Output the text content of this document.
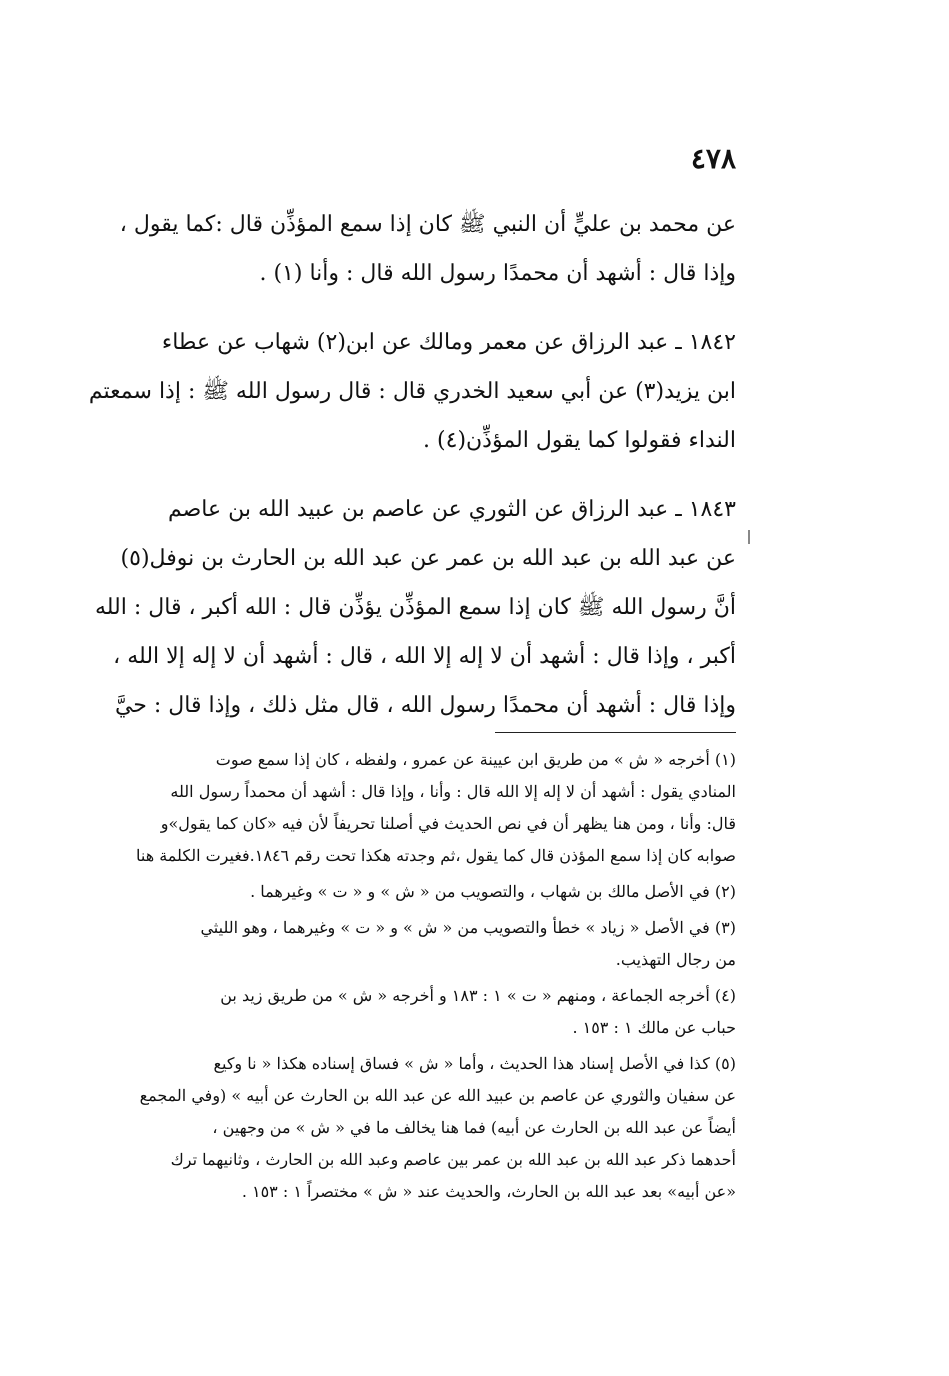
٤٧٨

عن محمد بن عليٍّ أن النبي ﷺ كان إذا سمع المؤذِّن قال :كما يقول ،

وإذا قال : أشهد أن محمدًا رسول الله قال : وأنا (١) .

١٨٤٢ ـ عبد الرزاق عن معمر ومالك عن ابن(٢) شهاب عن عطاء

ابن يزيد(٣) عن أبي سعيد الخدري قال : قال رسول الله ﷺ : إذا سمعتم

النداء فقولوا كما يقول المؤذِّن(٤) .

١٨٤٣ ـ عبد الرزاق عن الثوري عن عاصم بن عبيد الله بن عاصم

عن عبد الله بن عبد الله بن عمر عن عبد الله بن الحارث بن نوفل(٥)

أنَّ رسول الله ﷺ كان إذا سمع المؤذِّن يؤذِّن قال : الله أكبر ، قال : الله

أكبر ، وإذا قال : أشهد أن لا إله إلا الله ، قال : أشهد أن لا إله إلا الله ،

وإذا قال : أشهد أن محمدًا رسول الله ، قال مثل ذلك ، وإذا قال : حيَّ

(١) أخرجه « ش » من طريق ابن عيينة عن عمرو ، ولفظه ، كان إذا سمع صوت

المنادي يقول : أشهد أن لا إله إلا الله قال : وأنا ، وإذا قال : أشهد أن محمداً رسول الله

قال: وأنا ، ومن هنا يظهر أن في نص الحديث في أصلنا تحريفاً لأن فيه «كان كما يقول»و

صوابه كان إذا سمع المؤذن قال كما يقول ،ثم وجدته هكذا تحت رقم ١٨٤٦.فغيرت الكلمة هنا

(٢) في الأصل مالك بن شهاب ، والتصويب من « ش » و « ت » وغيرهما .

(٣) في الأصل « زياد » خطأ والتصويب من « ش » و « ت » وغيرهما ، وهو الليثي

من رجال التهذيب.

(٤) أخرجه الجماعة ، ومنهم « ت » ١ : ١٨٣ و أخرجه « ش » من طريق زيد بن

حباب عن مالك ١ : ١٥٣ .

(٥) كذا في الأصل إسناد هذا الحديث ، وأما « ش » فساق إسناده هكذا « نا وكيع

عن سفيان والثوري عن عاصم بن عبيد الله عن عبد الله بن الحارث عن أبيه » (وفي المجمع

أيضاً عن عبد الله بن الحارث عن أبيه) فما هنا يخالف ما في « ش » من وجهين ،

أحدهما ذكر عبد الله بن عبد الله بن عمر بين عاصم وعبد الله بن الحارث ، وثانيهما ترك

«عن أبيه» بعد عبد الله بن الحارث، والحديث عند « ش » مختصراً ١ : ١٥٣ .
